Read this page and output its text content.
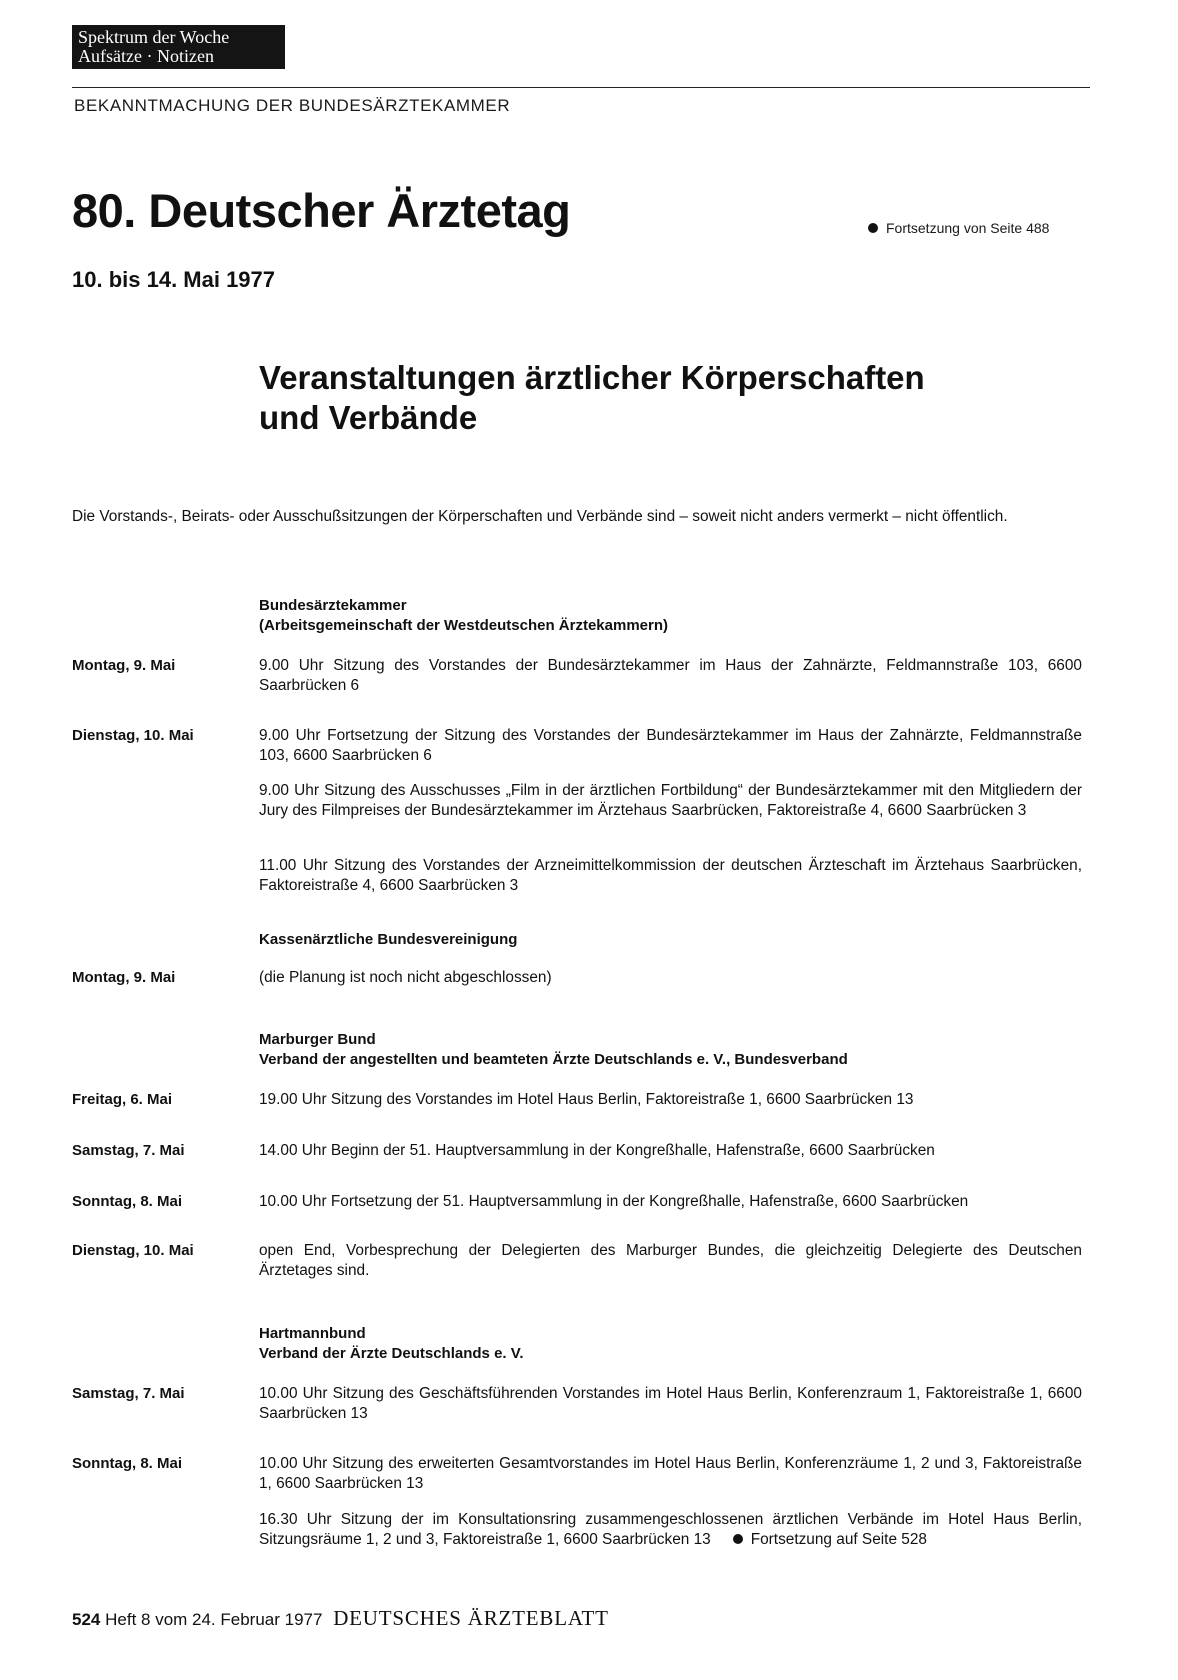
Spektrum der Woche
Aufsätze · Notizen
BEKANNTMACHUNG DER BUNDESÄRZTEKAMMER
80. Deutscher Ärztetag	Fortsetzung von Seite 488
10. bis 14. Mai 1977
Veranstaltungen ärztlicher Körperschaften
und Verbände

Die Vorstands-, Beirats- oder Ausschußsitzungen der Körperschaften und Verbände sind – soweit nicht anders vermerkt – nicht öffentlich.

Bundesärztekammer
(Arbeitsgemeinschaft der Westdeutschen Ärztekammern)
Montag, 9. Mai	9.00 Uhr Sitzung des Vorstandes der Bundesärztekammer im Haus der Zahnärzte, Feldmannstraße 103, 6600 Saarbrücken 6

Dienstag, 10. Mai	9.00 Uhr Fortsetzung der Sitzung des Vorstandes der Bundesärztekammer im Haus der Zahnärzte, Feldmannstraße 103, 6600 Saarbrücken 6

9.00 Uhr Sitzung des Ausschusses „Film in der ärztlichen Fortbildung“ der Bundesärztekammer mit den Mitgliedern der Jury des Filmpreises der Bundesärztekammer im Ärztehaus Saarbrücken, Faktoreistraße 4, 6600 Saarbrücken 3

11.00 Uhr Sitzung des Vorstandes der Arzneimittelkommission der deutschen Ärzteschaft im Ärztehaus Saarbrücken, Faktoreistraße 4, 6600 Saarbrücken 3

Kassenärztliche Bundesvereinigung
Montag, 9. Mai	(die Planung ist noch nicht abgeschlossen)

Marburger Bund
Verband der angestellten und beamteten Ärzte Deutschlands e. V., Bundesverband
Freitag, 6. Mai	19.00 Uhr Sitzung des Vorstandes im Hotel Haus Berlin, Faktoreistraße 1, 6600 Saarbrücken 13

Samstag, 7. Mai	14.00 Uhr Beginn der 51. Hauptversammlung in der Kongreßhalle, Hafenstraße, 6600 Saarbrücken

Sonntag, 8. Mai	10.00 Uhr Fortsetzung der 51. Hauptversammlung in der Kongreßhalle, Hafenstraße, 6600 Saarbrücken

Dienstag, 10. Mai	open End, Vorbesprechung der Delegierten des Marburger Bundes, die gleichzeitig Delegierte des Deutschen Ärztetages sind.

Hartmannbund
Verband der Ärzte Deutschlands e. V.
Samstag, 7. Mai	10.00 Uhr Sitzung des Geschäftsführenden Vorstandes im Hotel Haus Berlin, Konferenzraum 1, Faktoreistraße 1, 6600 Saarbrücken 13

Sonntag, 8. Mai	10.00 Uhr Sitzung des erweiterten Gesamtvorstandes im Hotel Haus Berlin, Konferenzräume 1, 2 und 3, Faktoreistraße 1, 6600 Saarbrücken 13

16.30 Uhr Sitzung der im Konsultationsring zusammengeschlossenen ärztlichen Verbände im Hotel Haus Berlin, Sitzungsräume 1, 2 und 3, Faktoreistraße 1, 6600 Saarbrücken 13	Fortsetzung auf Seite 528

524 Heft 8 vom 24. Februar 1977 DEUTSCHES ÄRZTEBLATT
